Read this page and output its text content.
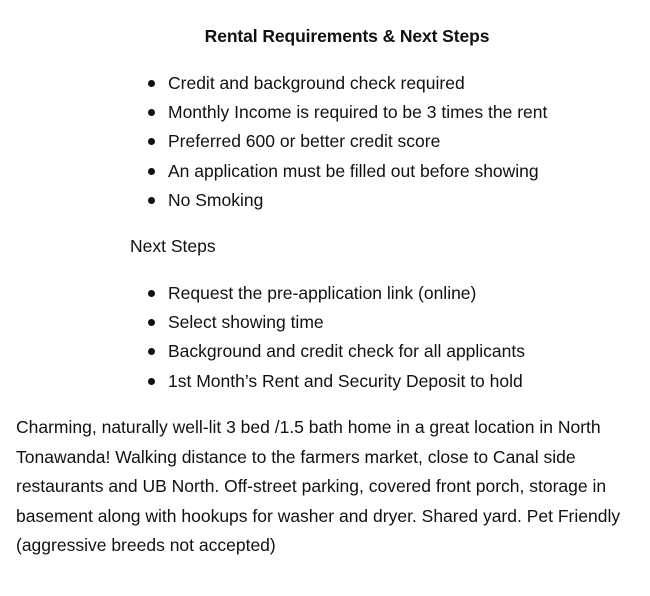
Rental Requirements & Next Steps
Credit and background check required
Monthly Income is required to be 3 times the rent
Preferred 600 or better credit score
An application must be filled out before showing
No Smoking
Next Steps
Request the pre-application link (online)
Select showing time
Background and credit check for all applicants
1st Month’s Rent and Security Deposit to hold

Charming, naturally well-lit 3 bed /1.5 bath home in a great location in North Tonawanda! Walking distance to the farmers market, close to Canal side restaurants and UB North. Off-street parking, covered front porch, storage in basement along with hookups for washer and dryer. Shared yard. Pet Friendly (aggressive breeds not accepted)
